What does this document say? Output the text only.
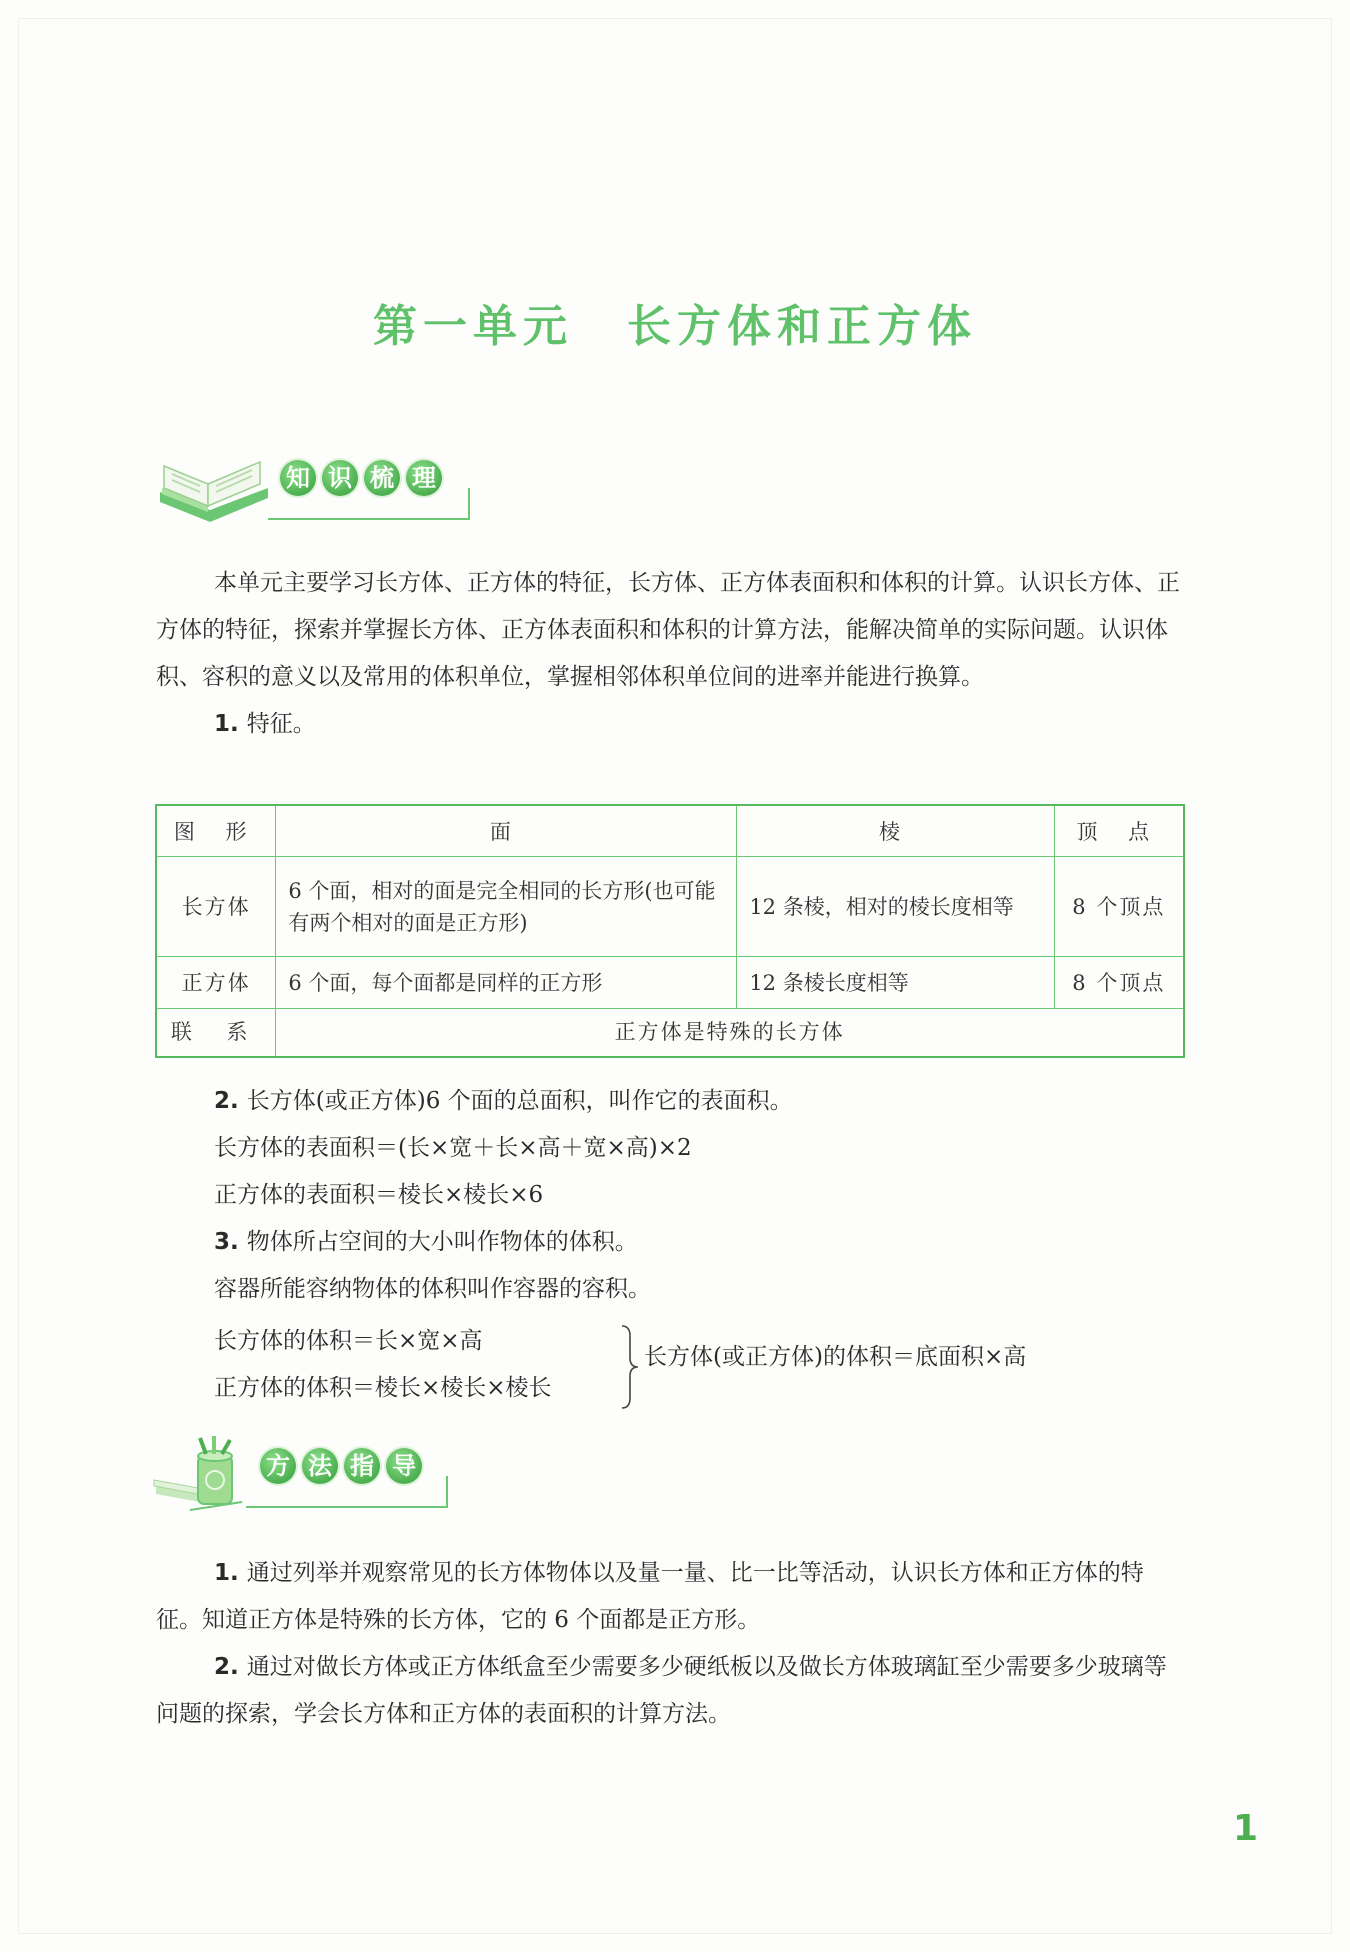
第一单元 长方体和正方体
知 识 梳 理

本单元主要学习长方体、正方体的特征，长方体、正方体表面积和体积的计算。认识长方体、正方体的特征，探索并掌握长方体、正方体表面积和体积的计算方法，能解决简单的实际问题。认识体积、容积的意义以及常用的体积单位，掌握相邻体积单位间的进率并能进行换算。

1. 特征。

图 形	面	棱	顶 点
长方体	6 个面，相对的面是完全相同的长方形(也可能有两个相对的面是正方形)	12 条棱，相对的棱长度相等	8 个顶点
正方体	6 个面，每个面都是同样的正方形	12 条棱长度相等	8 个顶点
联 系	正方体是特殊的长方体		

2. 长方体(或正方体)6 个面的总面积，叫作它的表面积。

长方体的表面积＝(长×宽＋长×高＋宽×高)×2

正方体的表面积＝棱长×棱长×6

3. 物体所占空间的大小叫作物体的体积。

容器所能容纳物体的体积叫作容器的容积。

长方体的体积＝长×宽×高
正方体的体积＝棱长×棱长×棱长
长方体(或正方体)的体积＝底面积×高
方 法 指 导

1. 通过列举并观察常见的长方体物体以及量一量、比一比等活动，认识长方体和正方体的特征。知道正方体是特殊的长方体，它的 6 个面都是正方形。

2. 通过对做长方体或正方体纸盒至少需要多少硬纸板以及做长方体玻璃缸至少需要多少玻璃等问题的探索，学会长方体和正方体的表面积的计算方法。

1
